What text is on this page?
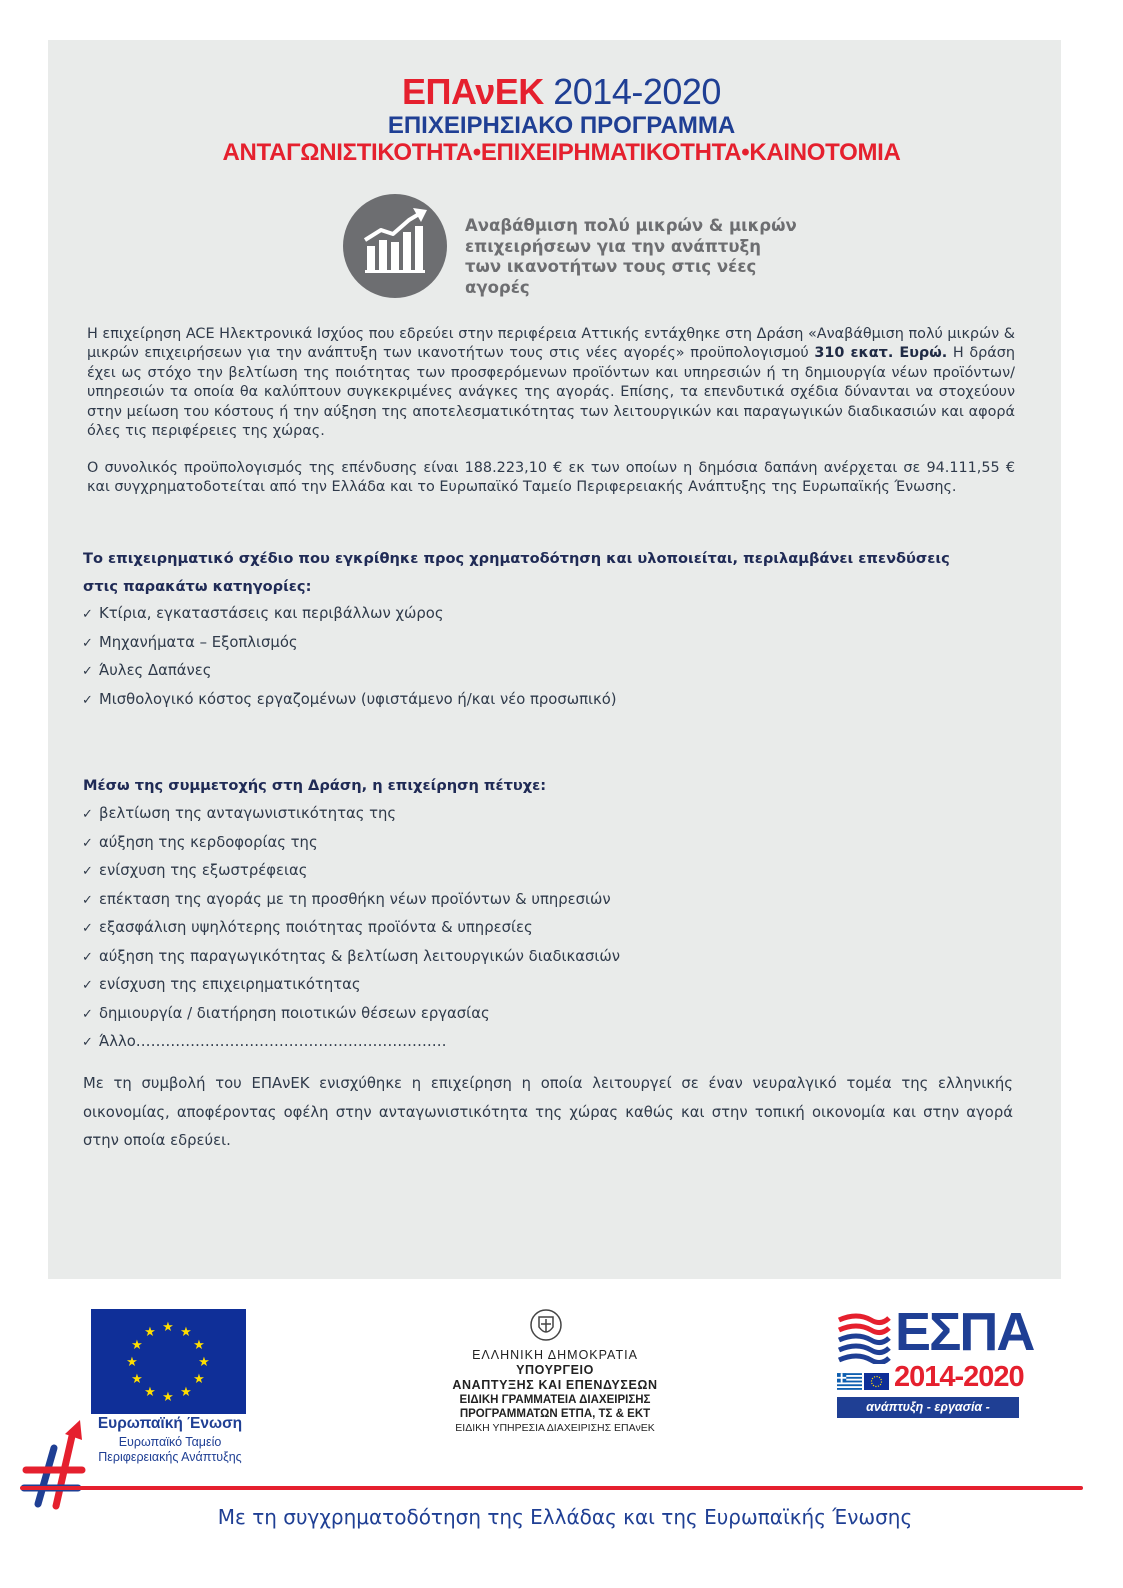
ΕΠΑνΕΚ 2014-2020
ΕΠΙΧΕΙΡΗΣΙΑΚΟ ΠΡΟΓΡΑΜΜΑ
ΑΝΤΑΓΩΝΙΣΤΙΚΟΤΗΤΑ•ΕΠΙΧΕΙΡΗΜΑΤΙΚΟΤΗΤΑ•ΚΑΙΝΟΤΟΜΙΑ
Αναβάθμιση πολύ μικρών & μικρών
επιχειρήσεων για την ανάπτυξη
των ικανοτήτων τους στις νέες αγορές
Η επιχείρηση ACE Ηλεκτρονικά Ισχύος που εδρεύει στην περιφέρεια Αττικής εντάχθηκε στη Δράση «Αναβάθμιση πολύ μικρών & μικρών επιχειρήσεων για την ανάπτυξη των ικανοτήτων τους στις νέες αγορές» προϋπολογισμού 310 εκατ. Ευρώ. Η δράση έχει ως στόχο την βελτίωση της ποιότητας των προσφερόμενων προϊόντων και υπηρεσιών ή τη δημιουργία νέων προϊόντων/υπηρεσιών τα οποία θα καλύπτουν συγκεκριμένες ανάγκες της αγοράς. Επίσης, τα επενδυτικά σχέδια δύνανται να στοχεύουν στην μείωση του κόστους ή την αύξηση της αποτελεσματικότητας των λειτουργικών και παραγωγικών διαδικασιών και αφορά όλες τις περιφέρειες της χώρας.
Ο συνολικός προϋπολογισμός της επένδυσης είναι 188.223,10 € εκ των οποίων η δημόσια δαπάνη ανέρχεται σε 94.111,55 € και συγχρηματοδοτείται από την Ελλάδα και το Ευρωπαϊκό Ταμείο Περιφερειακής Ανάπτυξης της Ευρωπαϊκής Ένωσης.
Το επιχειρηματικό σχέδιο που εγκρίθηκε προς χρηματοδότηση και υλοποιείται, περιλαμβάνει επενδύσεις
στις παρακάτω κατηγορίες:
✓ Κτίρια, εγκαταστάσεις και περιβάλλων χώρος
✓ Μηχανήματα – Εξοπλισμός
✓ Άυλες Δαπάνες
✓ Μισθολογικό κόστος εργαζομένων (υφιστάμενο ή/και νέο προσωπικό)
Μέσω της συμμετοχής στη Δράση, η επιχείρηση πέτυχε:
✓ βελτίωση της ανταγωνιστικότητας της
✓ αύξηση της κερδοφορίας της
✓ ενίσχυση της εξωστρέφειας
✓ επέκταση της αγοράς με τη προσθήκη νέων προϊόντων & υπηρεσιών
✓ εξασφάλιση υψηλότερης ποιότητας προϊόντα & υπηρεσίες
✓ αύξηση της παραγωγικότητας & βελτίωση λειτουργικών διαδικασιών
✓ ενίσχυση της επιχειρηματικότητας
✓ δημιουργία / διατήρηση ποιοτικών θέσεων εργασίας
✓ Άλλο………………………………………………………
Με τη συμβολή του ΕΠΑνΕΚ ενισχύθηκε η επιχείρηση η οποία λειτουργεί σε έναν νευραλγικό τομέα της ελληνικής οικονομίας, αποφέροντας οφέλη στην ανταγωνιστικότητα της χώρας καθώς και στην τοπική οικονομία και στην αγορά στην οποία εδρεύει.
★ ★
★
★
★
★
★
★
★
★
★
★
Ευρωπαϊκή Ένωση
Ευρωπαϊκό Ταμείο
Περιφερειακής Ανάπτυξης
ΕΛΛΗΝΙΚΗ ΔΗΜΟΚΡΑΤΙΑ
ΥΠΟΥΡΓΕΙΟ
ΑΝΑΠΤΥΞΗΣ ΚΑΙ ΕΠΕΝΔΥΣΕΩΝ
ΕΙΔΙΚΗ ΓΡΑΜΜΑΤΕΙΑ ΔΙΑΧΕΙΡΙΣΗΣ
ΠΡΟΓΡΑΜΜΑΤΩΝ ΕΤΠΑ, ΤΣ & ΕΚΤ
ΕΙΔΙΚΗ ΥΠΗΡΕΣΙΑ ΔΙΑΧΕΙΡΙΣΗΣ ΕΠΑνΕΚ
ΕΣΠΑ
2014-2020
ανάπτυξη - εργασία - αλληλεγγύη
Με τη συγχρηματοδότηση της Ελλάδας και της Ευρωπαϊκής Ένωσης
